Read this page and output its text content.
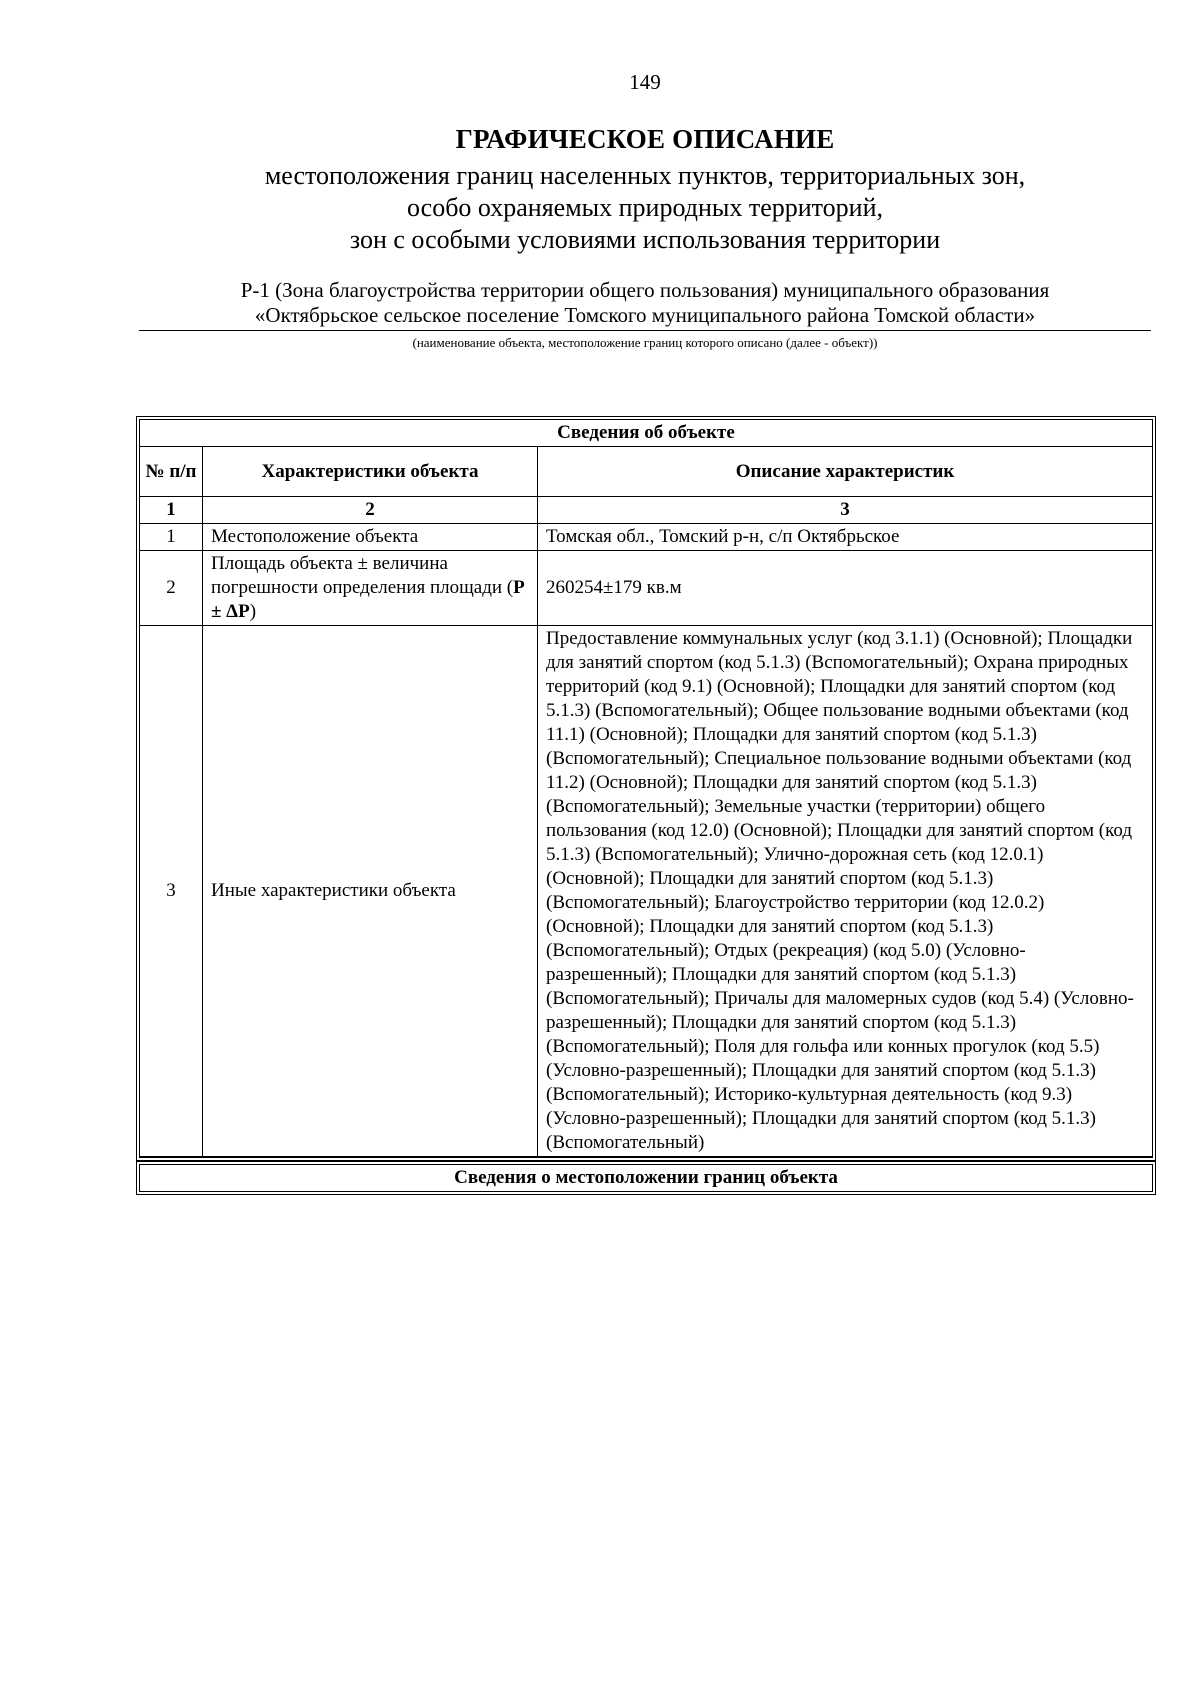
149
ГРАФИЧЕСКОЕ ОПИСАНИЕ
местоположения границ населенных пунктов, территориальных зон,
особо охраняемых природных территорий,
зон с особыми условиями использования территории
Р-1 (Зона благоустройства территории общего пользования) муниципального образования
«Октябрьское сельское поселение Томского муниципального района Томской области»
(наименование объекта, местоположение границ которого описано (далее - объект))
Сведения об объекте		
№ п/п	Характеристики объекта	Описание характеристик
1	2	3
1	Местоположение объекта	Томская обл., Томский р-н, с/п Октябрьское
2	Площадь объекта ± величина погрешности определения площади (Р ± ΔР)	260254±179 кв.м
3	Иные характеристики объекта	Предоставление коммунальных услуг (код 3.1.1) (Основной); Площадки для занятий спортом (код 5.1.3) (Вспомогательный); Охрана природных территорий (код 9.1) (Основной); Площадки для занятий спортом (код 5.1.3) (Вспомогательный); Общее пользование водными объектами (код 11.1) (Основной); Площадки для занятий спортом (код 5.1.3) (Вспомогательный); Специальное пользование водными объектами (код 11.2) (Основной); Площадки для занятий спортом (код 5.1.3) (Вспомогательный); Земельные участки (территории) общего пользования (код 12.0) (Основной); Площадки для занятий спортом (код 5.1.3) (Вспомогательный); Улично-дорожная сеть (код 12.0.1) (Основной); Площадки для занятий спортом (код 5.1.3) (Вспомогательный); Благоустройство территории (код 12.0.2) (Основной); Площадки для занятий спортом (код 5.1.3) (Вспомогательный); Отдых (рекреация) (код 5.0) (Условно-разрешенный); Площадки для занятий спортом (код 5.1.3) (Вспомогательный); Причалы для маломерных судов (код 5.4) (Условно-разрешенный); Площадки для занятий спортом (код 5.1.3) (Вспомогательный); Поля для гольфа или конных прогулок (код 5.5) (Условно-разрешенный); Площадки для занятий спортом (код 5.1.3) (Вспомогательный); Историко-культурная деятельность (код 9.3) (Условно-разрешенный); Площадки для занятий спортом (код 5.1.3) (Вспомогательный)
Сведения о местоположении границ объекта
